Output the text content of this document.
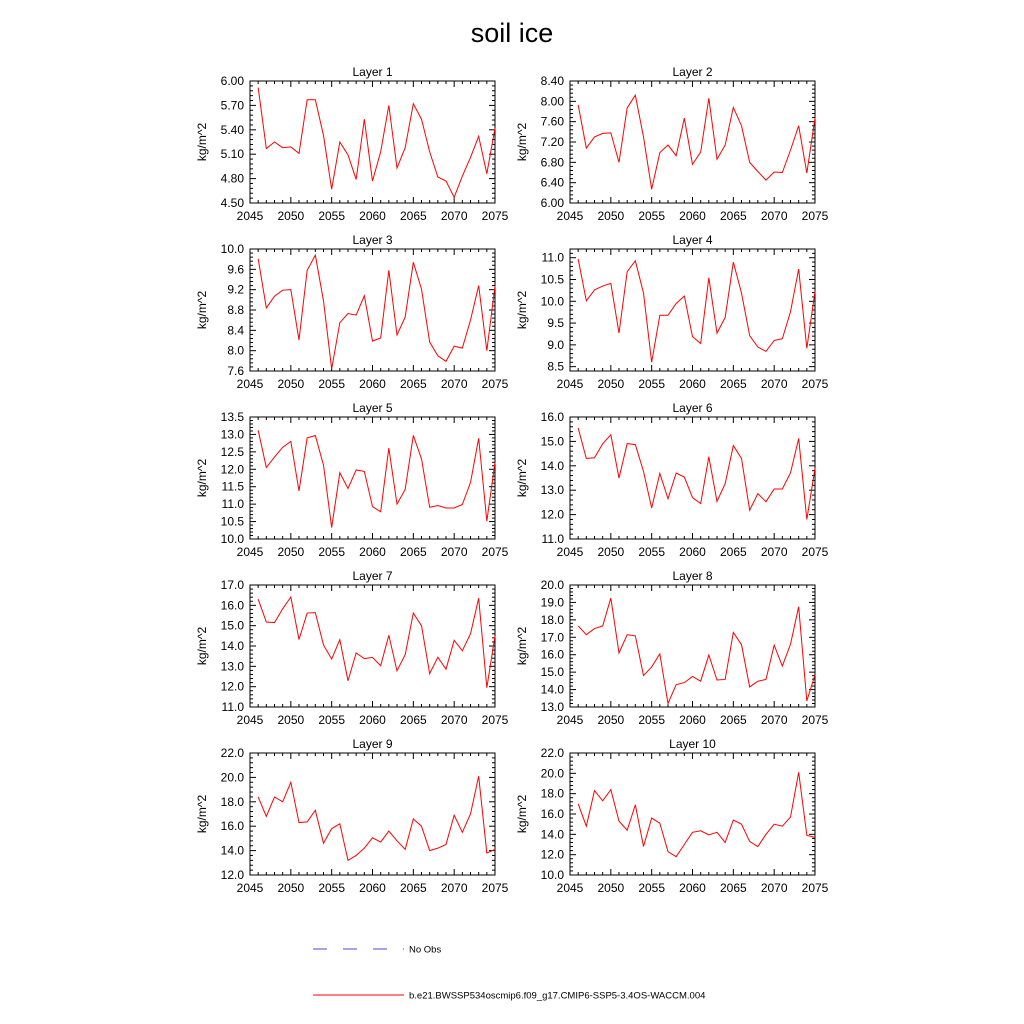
soil ice
Layer 1
kg/m^2
2045 2050 2055 2060 2065 2070 2075
4.50
4.80
5.10
5.40
5.70
6.00
Layer 2
kg/m^2
2045 2050 2055 2060 2065 2070 2075
6.00
6.40
6.80
7.20
7.60
8.00
8.40
Layer 3
kg/m^2
2045 2050 2055 2060 2065 2070 2075
7.6
8.0
8.4
8.8
9.2
9.6
10.0
Layer 4
kg/m^2
2045 2050 2055 2060 2065 2070 2075
8.5
9.0
9.5
10.0
10.5
11.0
Layer 5
kg/m^2
2045 2050 2055 2060 2065 2070 2075
10.0
10.5
11.0
11.5
12.0
12.5
13.0
13.5
Layer 6
kg/m^2
2045 2050 2055 2060 2065 2070 2075
11.0
12.0
13.0
14.0
15.0
16.0
Layer 7
kg/m^2
2045 2050 2055 2060 2065 2070 2075
11.0
12.0
13.0
14.0
15.0
16.0
17.0
Layer 8
kg/m^2
2045 2050 2055 2060 2065 2070 2075
13.0
14.0
15.0
16.0
17.0
18.0
19.0
20.0
Layer 9
kg/m^2
2045 2050 2055 2060 2065 2070 2075
12.0
14.0
16.0
18.0
20.0
22.0
Layer 10
kg/m^2
2045 2050 2055 2060 2065 2070 2075
10.0
12.0
14.0
16.0
18.0
20.0
22.0
No Obs
b.e21.BWSSP534oscmip6.f09_g17.CMIP6-SSP5-3.4OS-WACCM.004
